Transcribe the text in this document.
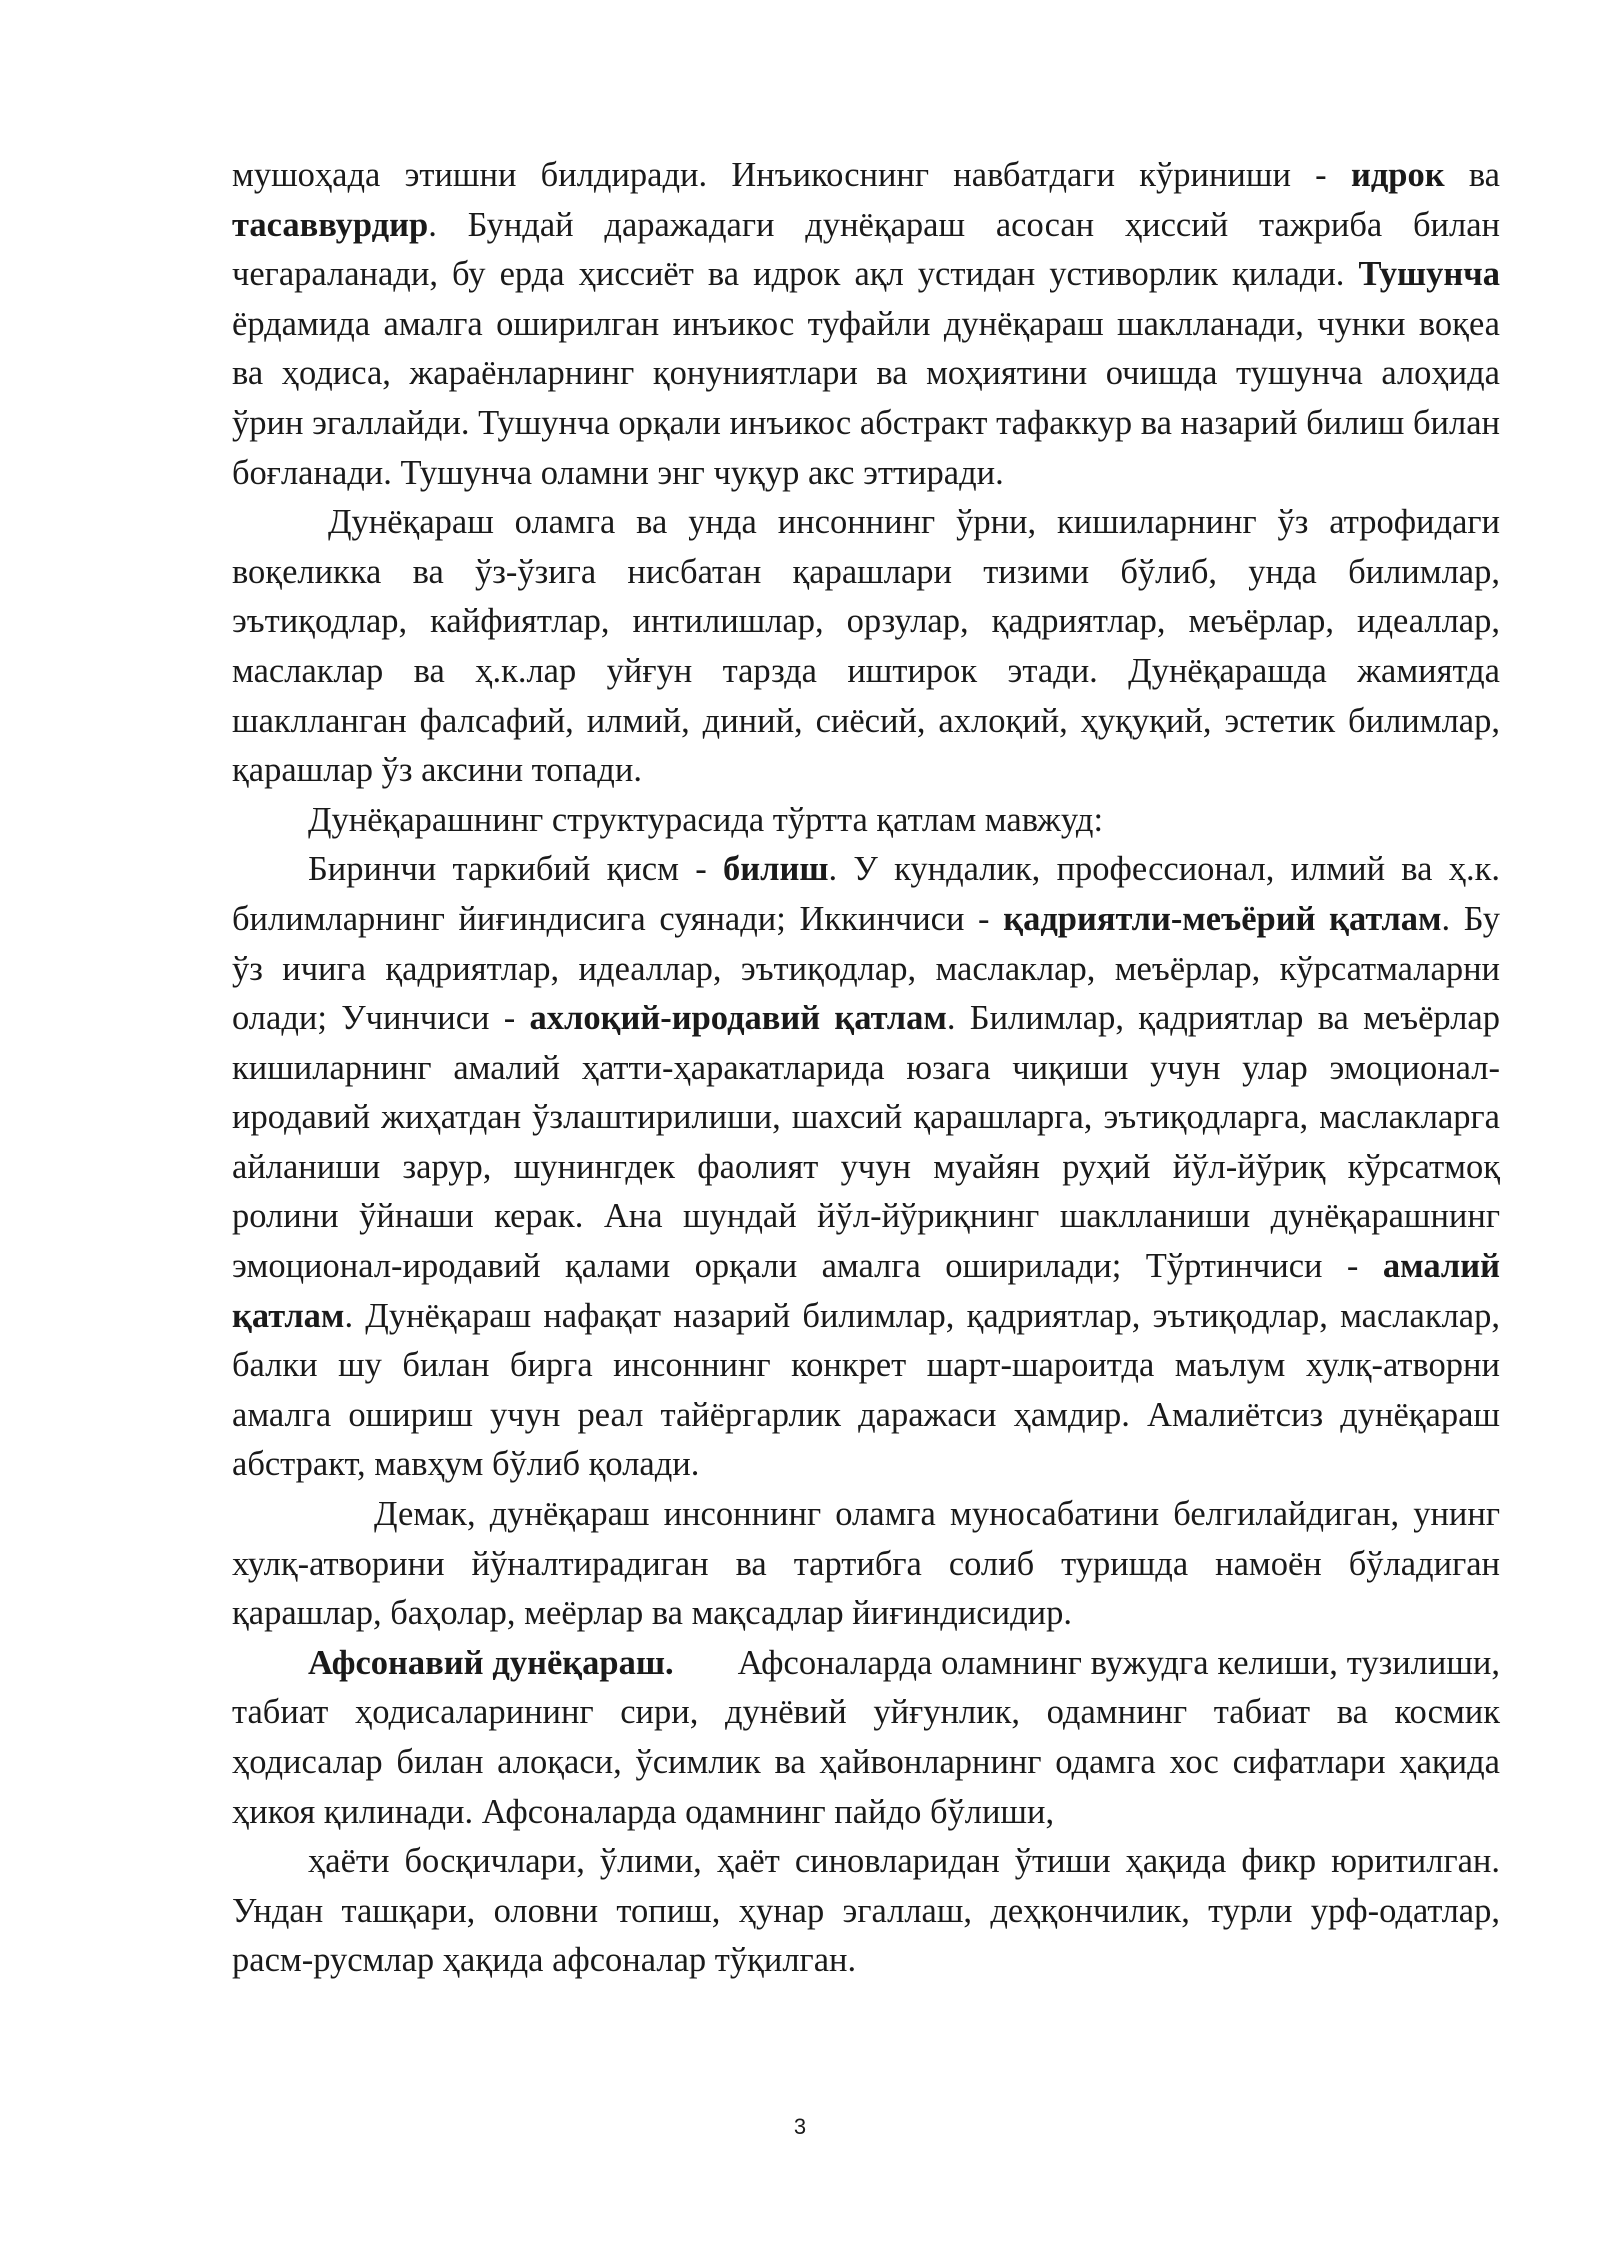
мушоҳада этишни билдиради. Инъикоснинг навбатдаги кўриниши - идрок ва тасаввурдир. Бундай даражадаги дунёқараш асосан ҳиссий тажриба билан чегараланади, бу ерда ҳиссиёт ва идрок ақл устидан устиворлик қилади. Тушунча ёрдамида амалга оширилган инъикос туфайли дунёқараш шаклланади, чунки воқеа ва ҳодиса, жараёнларнинг қонуниятлари ва моҳиятини очишда тушунча алоҳида ўрин эгаллайди. Тушунча орқали инъикос абстракт тафаккур ва назарий билиш билан боғланади. Тушунча оламни энг чуқур акс эттиради.

Дунёқараш оламга ва унда инсоннинг ўрни, кишиларнинг ўз атрофидаги воқеликка ва ўз-ўзига нисбатан қарашлари тизими бўлиб, унда билимлар, эътиқодлар, кайфиятлар, интилишлар, орзулар, қадриятлар, меъёрлар, идеаллар, маслаклар ва ҳ.к.лар уйғун тарзда иштирок этади. Дунёқарашда жамиятда шаклланган фалсафий, илмий, диний, сиёсий, ахлоқий, ҳуқуқий, эстетик билимлар, қарашлар ўз аксини топади.

Дунёқарашнинг структурасида тўртта қатлам мавжуд:

Биринчи таркибий қисм - билиш. У кундалик, профессионал, илмий ва ҳ.к. билимларнинг йиғиндисига суянади; Иккинчиси - қадриятли-меъёрий қатлам. Бу ўз ичига қадриятлар, идеаллар, эътиқодлар, маслаклар, меъёрлар, кўрсатмаларни олади; Учинчиси - ахлоқий-иродавий қатлам. Билимлар, қадриятлар ва меъёрлар кишиларнинг амалий ҳатти-ҳаракатларида юзага чиқиши учун улар эмоционал-иродавий жиҳатдан ўзлаштирилиши, шахсий қарашларга, эътиқодларга, маслакларга айланиши зарур, шунингдек фаолият учун муайян руҳий йўл-йўриқ кўрсатмоқ ролини ўйнаши керак. Ана шундай йўл-йўриқнинг шаклланиши дунёқарашнинг эмоционал-иродавий қалами орқали амалга оширилади; Тўртинчиси - амалий қатлам. Дунёқараш нафақат назарий билимлар, қадриятлар, эътиқодлар, маслаклар, балки шу билан бирга инсоннинг конкрет шарт-шароитда маълум хулқ-атворни амалга ошириш учун реал тайёргарлик даражаси ҳамдир. Амалиётсиз дунёқараш абстракт, мавҳум бўлиб қолади.

Демак, дунёқараш инсоннинг оламга муносабатини белгилайдиган, унинг хулқ-атворини йўналтирадиган ва тартибга солиб туришда намоён бўладиган қарашлар, баҳолар, меёрлар ва мақсадлар йиғиндисидир.

Афсонавий дунёқараш. Афсоналарда оламнинг вужудга келиши, тузилиши, табиат ҳодисаларининг сири, дунёвий уйғунлик, одамнинг табиат ва космик ҳодисалар билан алоқаси, ўсимлик ва ҳайвонларнинг одамга хос сифатлари ҳақида ҳикоя қилинади. Афсоналарда одамнинг пайдо бўлиши,

ҳаёти босқичлари, ўлими, ҳаёт синовларидан ўтиши ҳақида фикр юритилган. Ундан ташқари, оловни топиш, ҳунар эгаллаш, деҳқончилик, турли урф-одатлар, расм-русмлар ҳақида афсоналар тўқилган.

3
